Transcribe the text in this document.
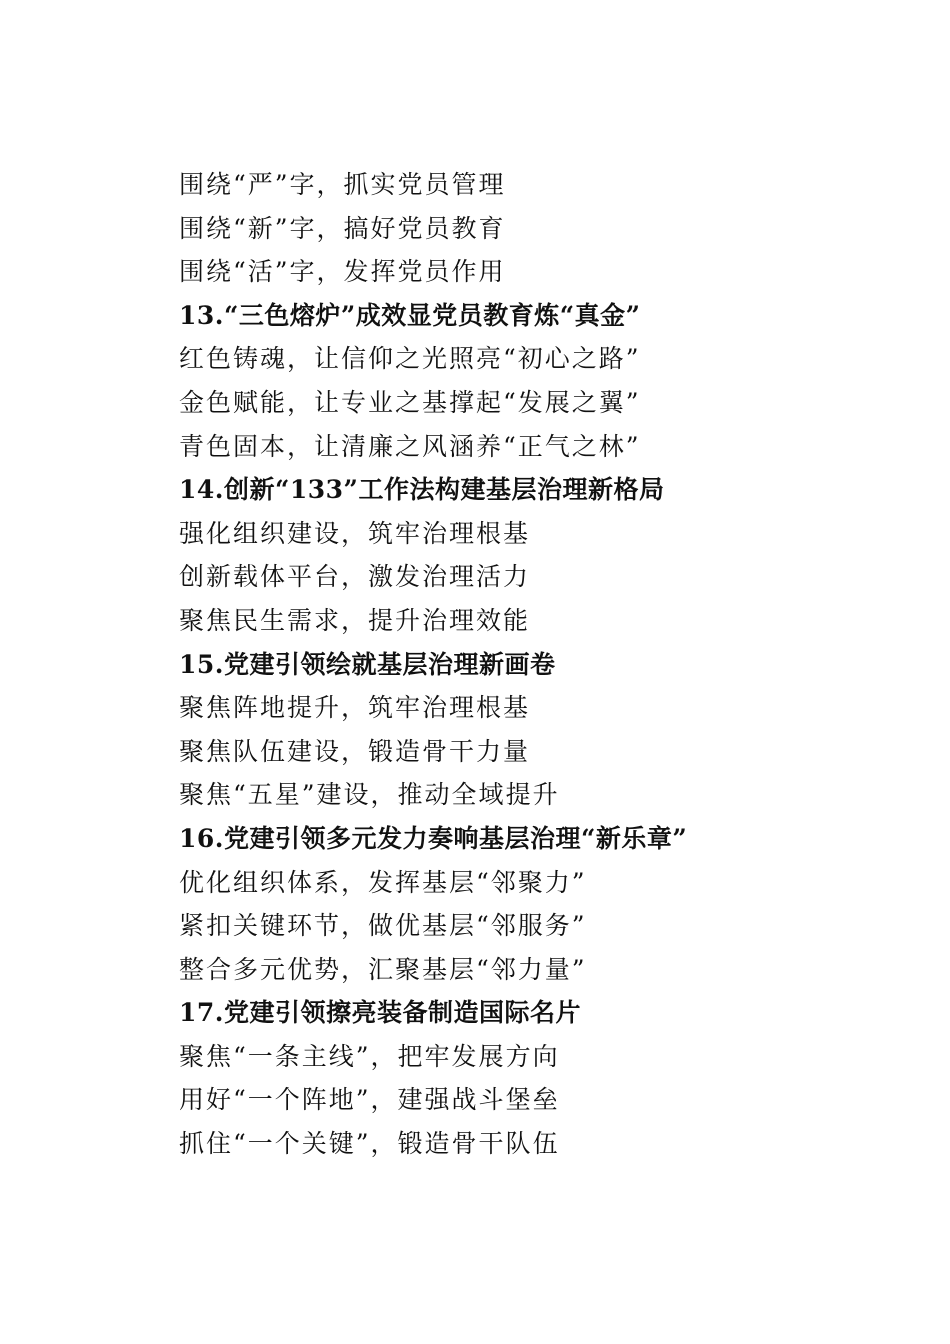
围绕“严”字，抓实党员管理
围绕“新”字，搞好党员教育
围绕“活”字，发挥党员作用
13.“三色熔炉”成效显党员教育炼“真金”
红色铸魂，让信仰之光照亮“初心之路”
金色赋能，让专业之基撑起“发展之翼”
青色固本，让清廉之风涵养“正气之林”
14.创新“133”工作法构建基层治理新格局
强化组织建设，筑牢治理根基
创新载体平台，激发治理活力
聚焦民生需求，提升治理效能
15.党建引领绘就基层治理新画卷
聚焦阵地提升，筑牢治理根基
聚焦队伍建设，锻造骨干力量
聚焦“五星”建设，推动全域提升
16.党建引领多元发力奏响基层治理“新乐章”
优化组织体系，发挥基层“邻聚力”
紧扣关键环节，做优基层“邻服务”
整合多元优势，汇聚基层“邻力量”
17.党建引领擦亮装备制造国际名片
聚焦“一条主线”，把牢发展方向
用好“一个阵地”，建强战斗堡垒
抓住“一个关键”，锻造骨干队伍
